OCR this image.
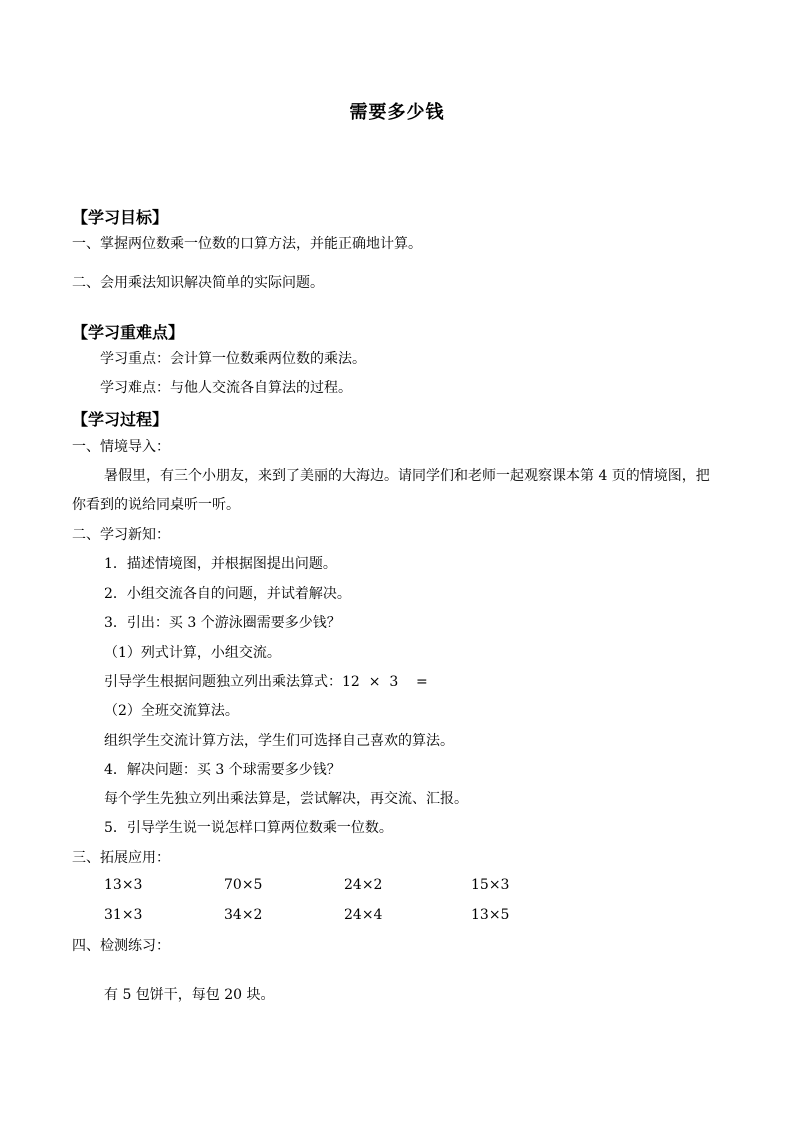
需要多少钱
【学习目标】
一、掌握两位数乘一位数的口算方法，并能正确地计算。
二、会用乘法知识解决简单的实际问题。
【学习重难点】
学习重点：会计算一位数乘两位数的乘法。
学习难点：与他人交流各自算法的过程。
【学习过程】
一、情境导入：
暑假里，有三个小朋友，来到了美丽的大海边。请同学们和老师一起观察课本第 4 页的情境图，把你看到的说给同桌听一听。
二、学习新知：
1．描述情境图，并根据图提出问题。
2．小组交流各自的问题，并试着解决。
3．引出：买 3 个游泳圈需要多少钱？
（1）列式计算，小组交流。
引导学生根据问题独立列出乘法算式：12  ×  3    =
（2）全班交流算法。
组织学生交流计算方法，学生们可选择自己喜欢的算法。
4．解决问题：买 3 个球需要多少钱？
每个学生先独立列出乘法算是，尝试解决，再交流、汇报。
5．引导学生说一说怎样口算两位数乘一位数。
三、拓展应用：
13×3	70×5	24×2	15×3
31×3	34×2	24×4	13×5
四、检测练习：
有 5 包饼干，每包 20 块。
